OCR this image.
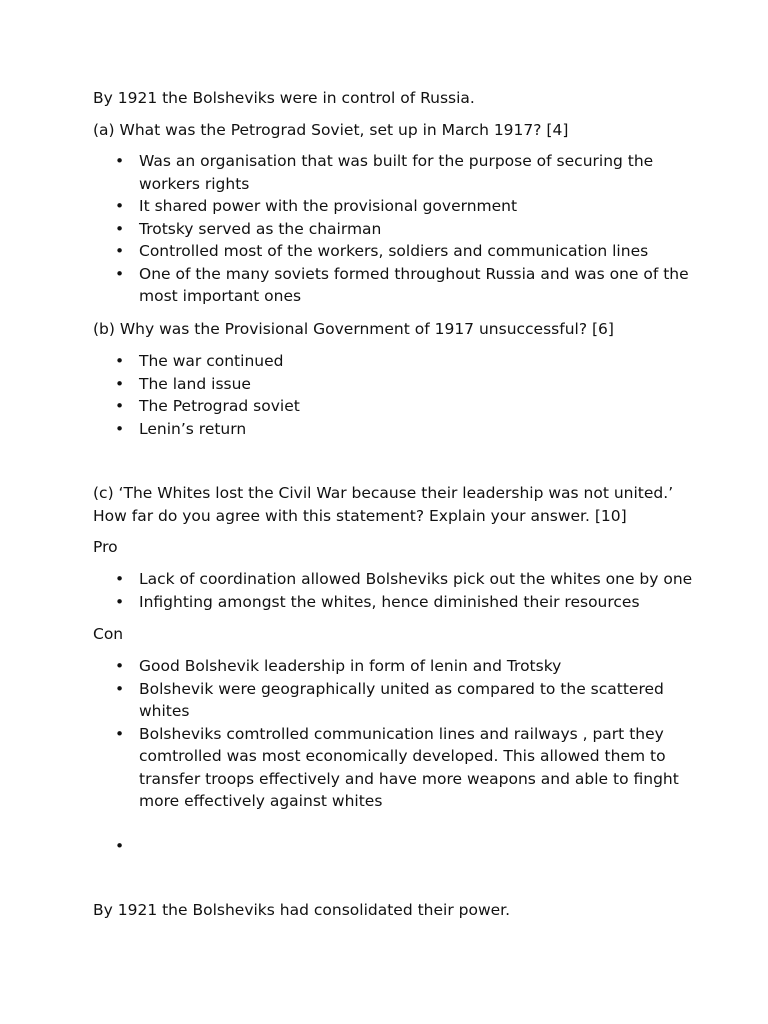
By 1921 the Bolsheviks were in control of Russia.

(a) What was the Petrograd Soviet, set up in March 1917? [4]

• Was an organisation that was built for the purpose of securing the workers rights
• It shared power with the provisional government
• Trotsky served as the chairman
• Controlled most of the workers, soldiers and communication lines
• One of the many soviets formed throughout Russia and was one of the most important ones

(b) Why was the Provisional Government of 1917 unsuccessful? [6]

• The war continued
• The land issue
• The Petrograd soviet
• Lenin’s return

(c) ‘The Whites lost the Civil War because their leadership was not united.’ How far do you agree with this statement? Explain your answer. [10]

Pro

• Lack of coordination allowed Bolsheviks pick out the whites one by one
• Infighting amongst the whites, hence diminished their resources

Con

• Good Bolshevik leadership in form of lenin and Trotsky
• Bolshevik were geographically united as compared to the scattered whites
• Bolsheviks comtrolled communication lines and railways , part they comtrolled was most economically developed. This allowed them to transfer troops effectively and have more weapons and able to finght more effectively against whites
•

By 1921 the Bolsheviks had consolidated their power.
